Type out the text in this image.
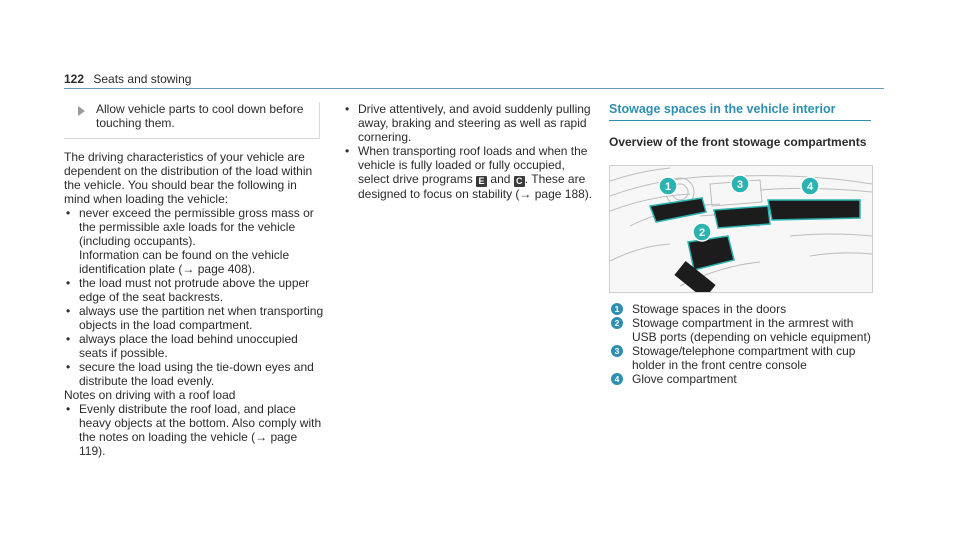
122 Seats and stowing
Allow vehicle parts to cool down before touching them.

The driving characteristics of your vehicle are dependent on the distribution of the load within the vehicle. You should bear the following in mind when loading the vehicle:

• never exceed the permissible gross mass or the permissible axle loads for the vehicle (including occupants).

Information can be found on the vehicle identification plate (→ page 408).

• the load must not protrude above the upper edge of the seat backrests.
• always use the partition net when transporting objects in the load compartment.
• always place the load behind unoccupied seats if possible.
• secure the load using the tie-down eyes and distribute the load evenly.

Notes on driving with a roof load

• Evenly distribute the roof load, and place heavy objects at the bottom. Also comply with the notes on loading the vehicle (→ page 119).
• Drive attentively, and avoid suddenly pulling away, braking and steering as well as rapid cornering.
• When transporting roof loads and when the vehicle is fully loaded or fully occupied, select drive programs E and C . These are designed to focus on stability (→ page 188).
Stowage spaces in the vehicle interior
Overview of the front stowage compartments
1
2
3	4
1	Stowage spaces in the doors
2	Stowage compartment in the armrest with USB ports (depending on vehicle equipment)
3	Stowage/telephone compartment with cup holder in the front centre console
4	Glove compartment
